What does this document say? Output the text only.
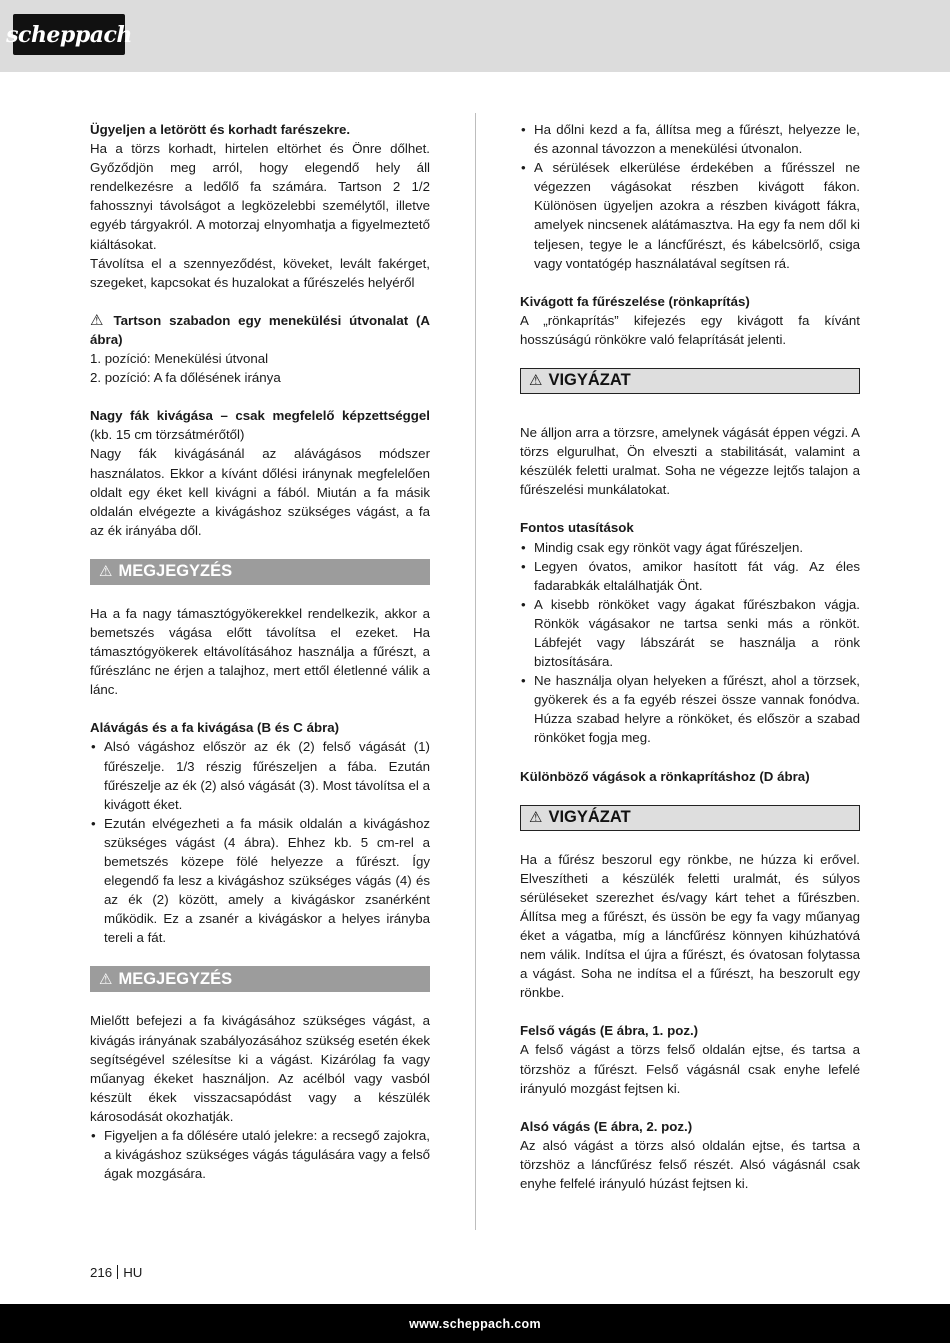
scheppach

Ügyeljen a letörött és korhadt farészekre.

Ha a törzs korhadt, hirtelen eltörhet és Önre dőlhet. Győződjön meg arról, hogy elegendő hely áll rendelkezésre a ledőlő fa számára. Tartson 2 1/2 fahossznyi távolságot a legközelebbi személytől, illetve egyéb tárgyakról. A motorzaj elnyomhatja a figyelmeztető kiáltásokat.

Távolítsa el a szennyeződést, köveket, levált fakérget, szegeket, kapcsokat és huzalokat a fűrészelés helyéről

⚠ Tartson szabadon egy menekülési útvonalat (A ábra)

1. pozíció: Menekülési útvonal

2. pozíció: A fa dőlésének iránya

Nagy fák kivágása – csak megfelelő képzettséggel (kb. 15 cm törzsátmérőtől)

Nagy fák kivágásánál az alávágásos módszer használatos. Ekkor a kívánt dőlési iránynak megfelelően oldalt egy éket kell kivágni a fából. Miután a fa másik oldalán elvégezte a kivágáshoz szükséges vágást, a fa az ék irányába dől.

⚠ MEGJEGYZÉS

Ha a fa nagy támasztógyökerekkel rendelkezik, akkor a bemetszés vágása előtt távolítsa el ezeket. Ha támasztógyökerek eltávolításához használja a fűrészt, a fűrészlánc ne érjen a talajhoz, mert ettől életlenné válik a lánc.

Alávágás és a fa kivágása (B és C ábra)

• Alsó vágáshoz először az ék (2) felső vágását (1) fűrészelje. 1/3 részig fűrészeljen a fába. Ezután fűrészelje az ék (2) alsó vágását (3). Most távolítsa el a kivágott éket.
• Ezután elvégezheti a fa másik oldalán a kivágáshoz szükséges vágást (4 ábra). Ehhez kb. 5 cm-rel a bemetszés közepe fölé helyezze a fűrészt. Így elegendő fa lesz a kivágáshoz szükséges vágás (4) és az ék (2) között, amely a kivágáskor zsanérként működik. Ez a zsanér a kivágáskor a helyes irányba tereli a fát.
⚠ MEGJEGYZÉS

Mielőtt befejezi a fa kivágásához szükséges vágást, a kivágás irányának szabályozásához szükség esetén ékek segítségével szélesítse ki a vágást. Kizárólag fa vagy műanyag ékeket használjon. Az acélból vagy vasból készült ékek visszacsapódást vagy a készülék károsodását okozhatják.

• Figyeljen a fa dőlésére utaló jelekre: a recsegő zajokra, a kivágáshoz szükséges vágás tágulására vagy a felső ágak mozgására.
• Ha dőlni kezd a fa, állítsa meg a fűrészt, helyezze le, és azonnal távozzon a menekülési útvonalon.
• A sérülések elkerülése érdekében a fűrésszel ne végezzen vágásokat részben kivágott fákon. Különösen ügyeljen azokra a részben kivágott fákra, amelyek nincsenek alátámasztva. Ha egy fa nem dől ki teljesen, tegye le a láncfűrészt, és kábelcsörlő, csiga vagy vontatógép használatával segítsen rá.

Kivágott fa fűrészelése (rönkaprítás)

A „rönkaprítás” kifejezés egy kivágott fa kívánt hosszúságú rönkökre való felaprítását jelenti.

⚠ VIGYÁZAT

Ne álljon arra a törzsre, amelynek vágását éppen végzi. A törzs elgurulhat, Ön elveszti a stabilitását, valamint a készülék feletti uralmat. Soha ne végezze lejtős talajon a fűrészelési munkálatokat.

Fontos utasítások

• Mindig csak egy rönköt vagy ágat fűrészeljen.
• Legyen óvatos, amikor hasított fát vág. Az éles fadarabkák eltalálhatják Önt.
• A kisebb rönköket vagy ágakat fűrészbakon vágja. Rönkök vágásakor ne tartsa senki más a rönköt. Lábfejét vagy lábszárát se használja a rönk biztosítására.
• Ne használja olyan helyeken a fűrészt, ahol a törzsek, gyökerek és a fa egyéb részei össze vannak fonódva. Húzza szabad helyre a rönköket, és először a szabad rönköket fogja meg.

Különböző vágások a rönkaprításhoz (D ábra)

⚠ VIGYÁZAT

Ha a fűrész beszorul egy rönkbe, ne húzza ki erővel. Elveszítheti a készülék feletti uralmát, és súlyos sérüléseket szerezhet és/vagy kárt tehet a fűrészben. Állítsa meg a fűrészt, és üssön be egy fa vagy műanyag éket a vágatba, míg a láncfűrész könnyen kihúzhatóvá nem válik. Indítsa el újra a fűrészt, és óvatosan folytassa a vágást. Soha ne indítsa el a fűrészt, ha beszorult egy rönkbe.

Felső vágás (E ábra, 1. poz.)

A felső vágást a törzs felső oldalán ejtse, és tartsa a törzshöz a fűrészt. Felső vágásnál csak enyhe lefelé irányuló mozgást fejtsen ki.

Alsó vágás (E ábra, 2. poz.)

Az alsó vágást a törzs alsó oldalán ejtse, és tartsa a törzshöz a láncfűrész felső részét. Alsó vágásnál csak enyhe felfelé irányuló húzást fejtsen ki.

216 HU
www.scheppach.com
